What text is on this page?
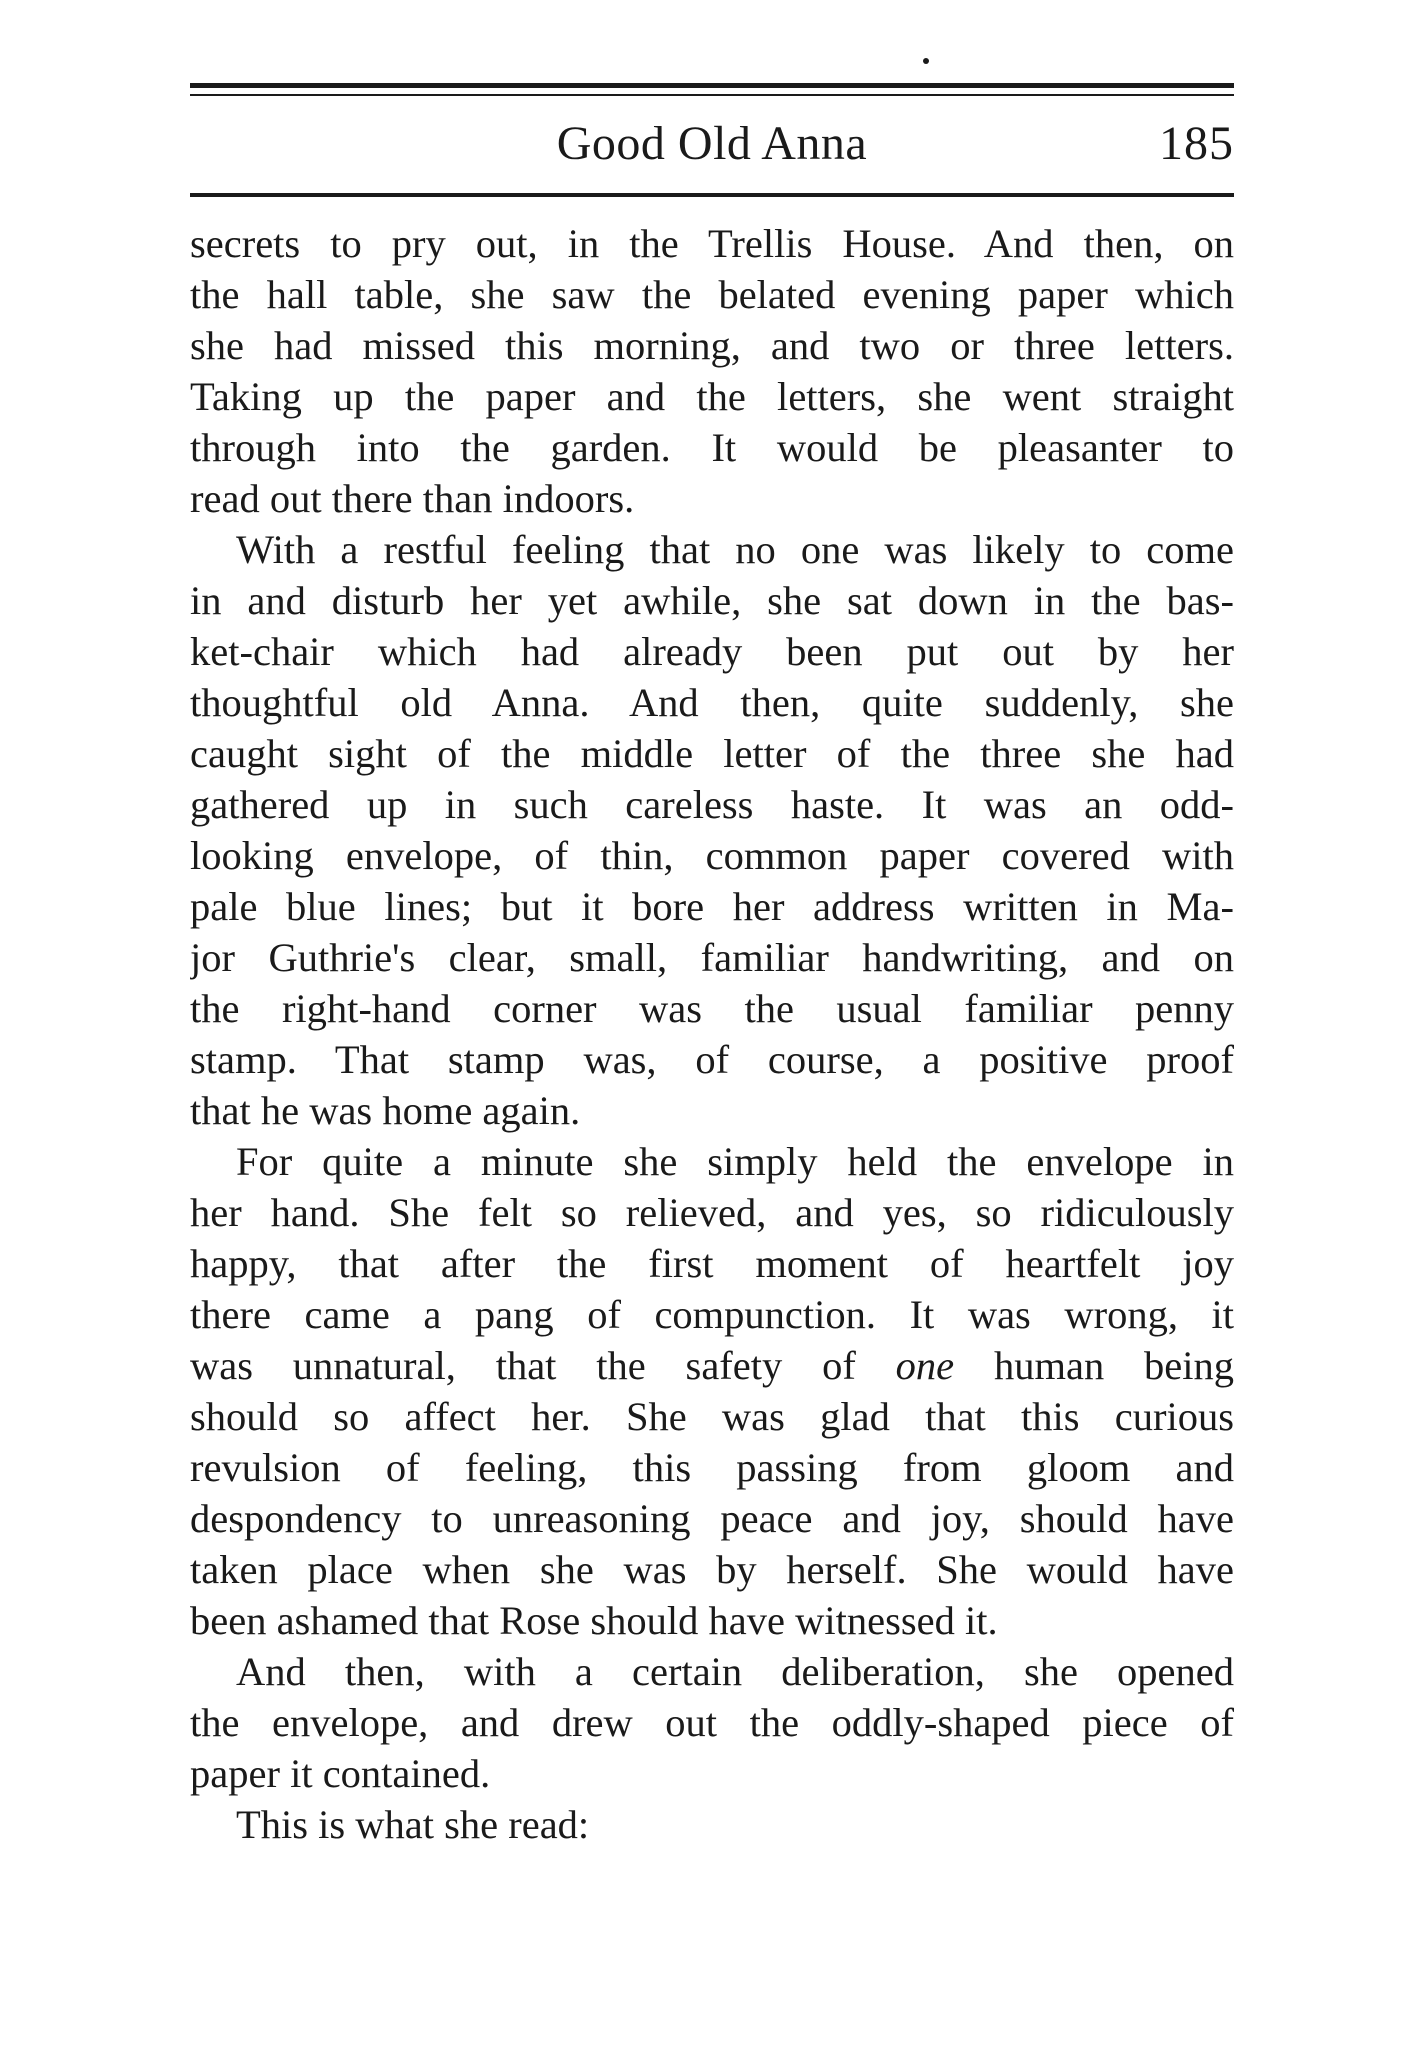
Good Old Anna	185
secrets to pry out, in the Trellis House. And then, on
the hall table, she saw the belated evening paper which
she had missed this morning, and two or three letters.
Taking up the paper and the letters, she went straight
through into the garden. It would be pleasanter to
read out there than indoors.
With a restful feeling that no one was likely to come
in and disturb her yet awhile, she sat down in the bas-
ket-chair which had already been put out by her
thoughtful old Anna. And then, quite suddenly, she
caught sight of the middle letter of the three she had
gathered up in such careless haste. It was an odd-
looking envelope, of thin, common paper covered with
pale blue lines; but it bore her address written in Ma-
jor Guthrie's clear, small, familiar handwriting, and on
the right-hand corner was the usual familiar penny
stamp. That stamp was, of course, a positive proof
that he was home again.
For quite a minute she simply held the envelope in
her hand. She felt so relieved, and yes, so ridiculously
happy, that after the first moment of heartfelt joy
there came a pang of compunction. It was wrong, it
was unnatural, that the safety of one human being
should so affect her. She was glad that this curious
revulsion of feeling, this passing from gloom and
despondency to unreasoning peace and joy, should have
taken place when she was by herself. She would have
been ashamed that Rose should have witnessed it.
And then, with a certain deliberation, she opened
the envelope, and drew out the oddly-shaped piece of
paper it contained.
This is what she read:
